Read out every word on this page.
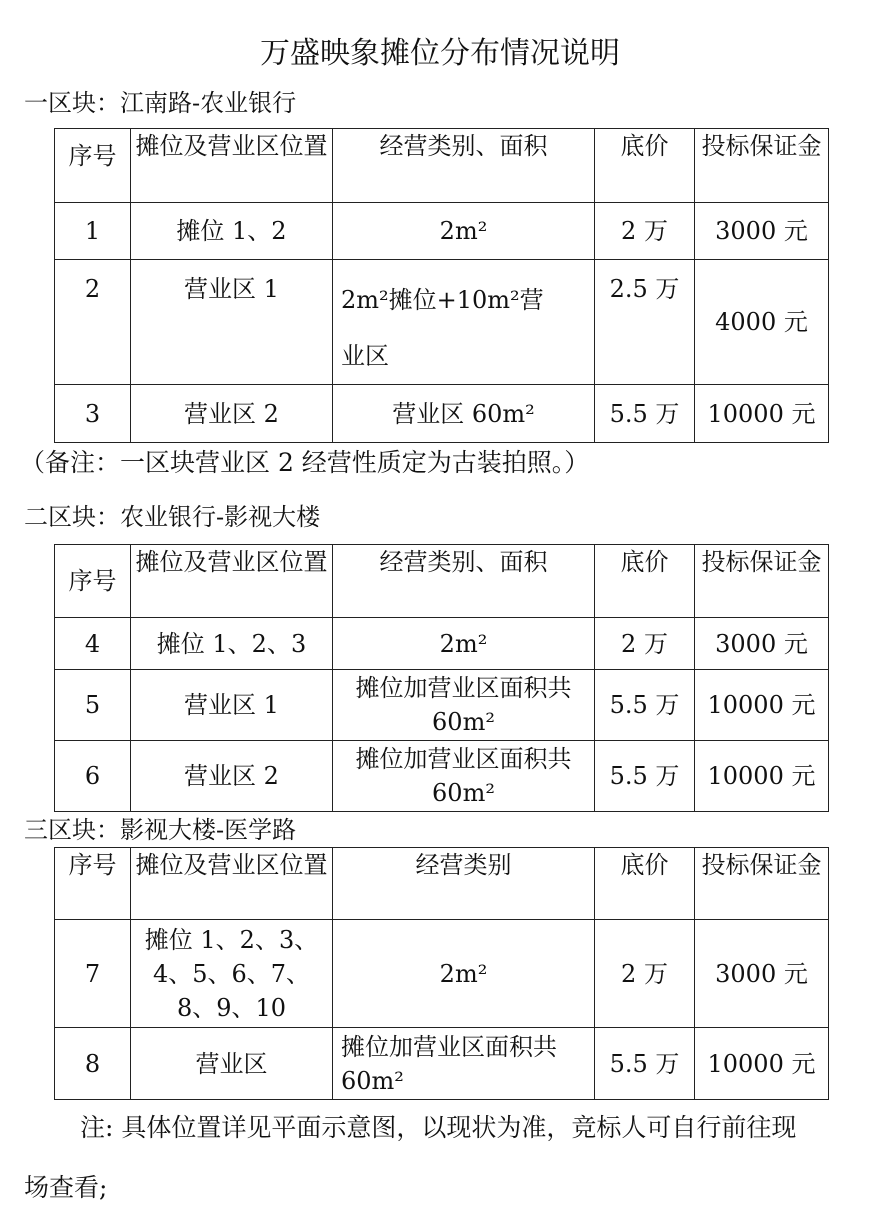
万盛映象摊位分布情况说明
一区块：江南路-农业银行
序号	摊位及营业区位置	经营类别、面积	底价	投标保证金
1	摊位 1、2	2m²	2 万	3000 元
2	营业区 1	2m²摊位+10m²营业区	2.5 万	4000 元
3	营业区 2	营业区 60m²	5.5 万	10000 元
（备注：一区块营业区 2 经营性质定为古装拍照。）
二区块：农业银行-影视大楼
序号	摊位及营业区位置	经营类别、面积	底价	投标保证金
4	摊位 1、2、3	2m²	2 万	3000 元
5	营业区 1	摊位加营业区面积共 60m²	5.5 万	10000 元
6	营业区 2	摊位加营业区面积共 60m²	5.5 万	10000 元
三区块：影视大楼-医学路
序号	摊位及营业区位置	经营类别	底价	投标保证金
7	摊位 1、2、3、4、5、6、7、8、9、10	2m²	2 万	3000 元
8	营业区	摊位加营业区面积共 60m²	5.5 万	10000 元
注: 具体位置详见平面示意图，以现状为准，竞标人可自行前往现
场查看;
